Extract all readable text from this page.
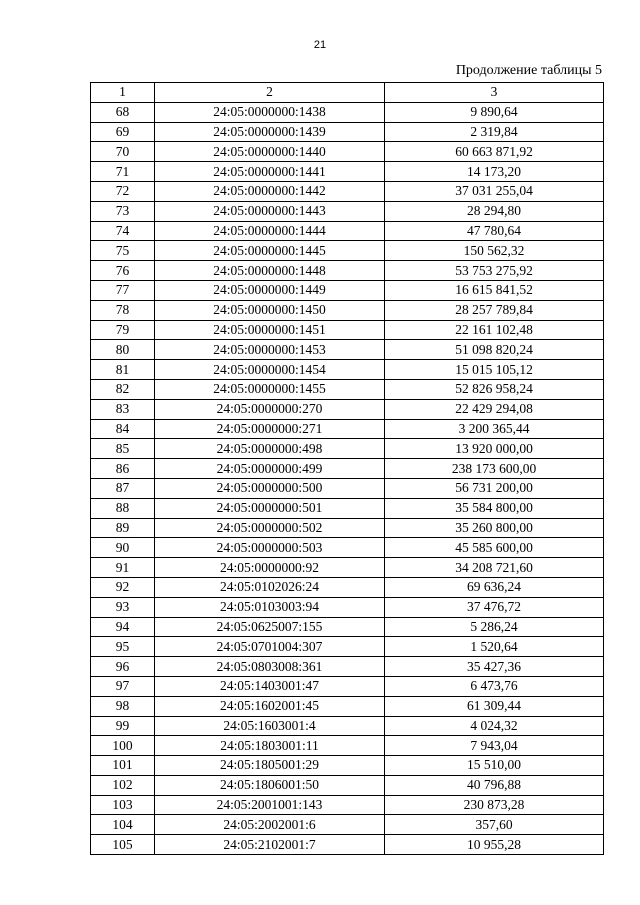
21
Продолжение таблицы 5
1	2	3
68	24:05:0000000:1438	9 890,64
69	24:05:0000000:1439	2 319,84
70	24:05:0000000:1440	60 663 871,92
71	24:05:0000000:1441	14 173,20
72	24:05:0000000:1442	37 031 255,04
73	24:05:0000000:1443	28 294,80
74	24:05:0000000:1444	47 780,64
75	24:05:0000000:1445	150 562,32
76	24:05:0000000:1448	53 753 275,92
77	24:05:0000000:1449	16 615 841,52
78	24:05:0000000:1450	28 257 789,84
79	24:05:0000000:1451	22 161 102,48
80	24:05:0000000:1453	51 098 820,24
81	24:05:0000000:1454	15 015 105,12
82	24:05:0000000:1455	52 826 958,24
83	24:05:0000000:270	22 429 294,08
84	24:05:0000000:271	3 200 365,44
85	24:05:0000000:498	13 920 000,00
86	24:05:0000000:499	238 173 600,00
87	24:05:0000000:500	56 731 200,00
88	24:05:0000000:501	35 584 800,00
89	24:05:0000000:502	35 260 800,00
90	24:05:0000000:503	45 585 600,00
91	24:05:0000000:92	34 208 721,60
92	24:05:0102026:24	69 636,24
93	24:05:0103003:94	37 476,72
94	24:05:0625007:155	5 286,24
95	24:05:0701004:307	1 520,64
96	24:05:0803008:361	35 427,36
97	24:05:1403001:47	6 473,76
98	24:05:1602001:45	61 309,44
99	24:05:1603001:4	4 024,32
100	24:05:1803001:11	7 943,04
101	24:05:1805001:29	15 510,00
102	24:05:1806001:50	40 796,88
103	24:05:2001001:143	230 873,28
104	24:05:2002001:6	357,60
105	24:05:2102001:7	10 955,28
